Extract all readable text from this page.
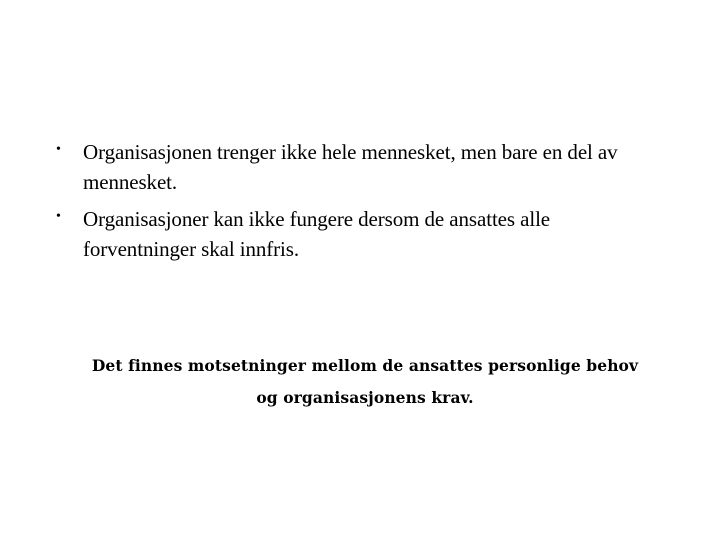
• Organisasjonen trenger ikke hele mennesket, men bare en del av
mennesket.
• Organisasjoner kan ikke fungere dersom de ansattes alle
forventninger skal innfris.
Det finnes motsetninger mellom de ansattes personlige behov
og organisasjonens krav.
